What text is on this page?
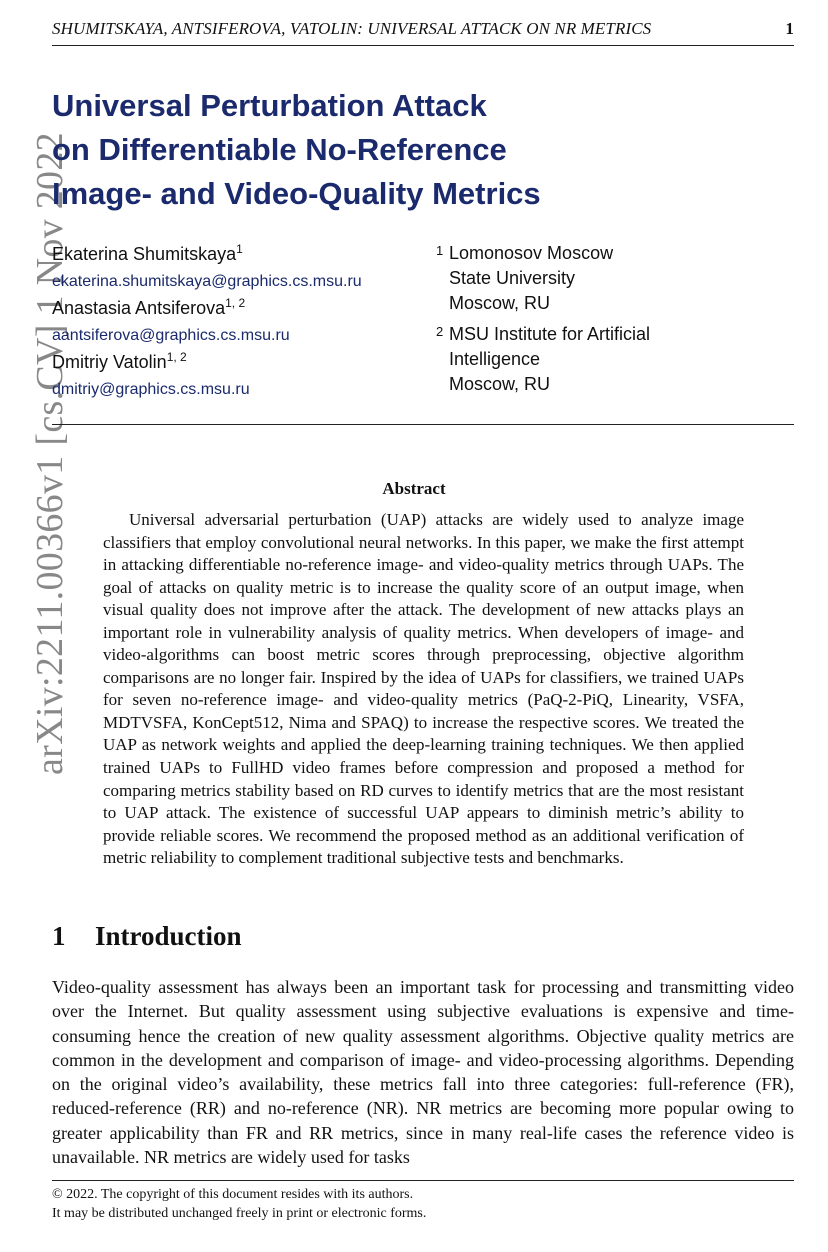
SHUMITSKAYA, ANTSIFEROVA, VATOLIN: UNIVERSAL ATTACK ON NR METRICS	1
arXiv:2211.00366v1 [cs.CV] 1 Nov 2022
Universal Perturbation Attack
on Differentiable No-Reference
Image- and Video-Quality Metrics
Ekaterina Shumitskaya$^1$
ekaterina.shumitskaya@graphics.cs.msu.ru
Anastasia Antsiferova$^{1, 2}$
aantsiferova@graphics.cs.msu.ru
Dmitriy Vatolin$^{1, 2}$
dmitriy@graphics.cs.msu.ru
1 Lomonosov Moscow
State University
Moscow, RU
2 MSU Institute for Artificial
Intelligence
Moscow, RU
Abstract
Universal adversarial perturbation (UAP) attacks are widely used to analyze image classifiers that employ convolutional neural networks. In this paper, we make the first attempt in attacking differentiable no-reference image- and video-quality metrics through UAPs. The goal of attacks on quality metric is to increase the quality score of an output image, when visual quality does not improve after the attack. The development of new attacks plays an important role in vulnerability analysis of quality metrics. When developers of image- and video-algorithms can boost metric scores through preprocessing, objective algorithm comparisons are no longer fair. Inspired by the idea of UAPs for classifiers, we trained UAPs for seven no-reference image- and video-quality metrics (PaQ-2-PiQ, Linearity, VSFA, MDTVSFA, KonCept512, Nima and SPAQ) to increase the respective scores. We treated the UAP as network weights and applied the deep-learning training techniques. We then applied trained UAPs to FullHD video frames before compression and proposed a method for comparing metrics stability based on RD curves to identify metrics that are the most resistant to UAP attack. The existence of successful UAP appears to diminish metric’s ability to provide reliable scores. We recommend the proposed method as an additional verification of metric reliability to complement traditional subjective tests and benchmarks.
1 Introduction
Video-quality assessment has always been an important task for processing and transmitting video over the Internet. But quality assessment using subjective evaluations is expensive and time-consuming hence the creation of new quality assessment algorithms. Objective quality metrics are common in the development and comparison of image- and video-processing algorithms. Depending on the original video’s availability, these metrics fall into three categories: full-reference (FR), reduced-reference (RR) and no-reference (NR). NR metrics are becoming more popular owing to greater applicability than FR and RR metrics, since in many real-life cases the reference video is unavailable. NR metrics are widely used for tasks
© 2022. The copyright of this document resides with its authors.
It may be distributed unchanged freely in print or electronic forms.
